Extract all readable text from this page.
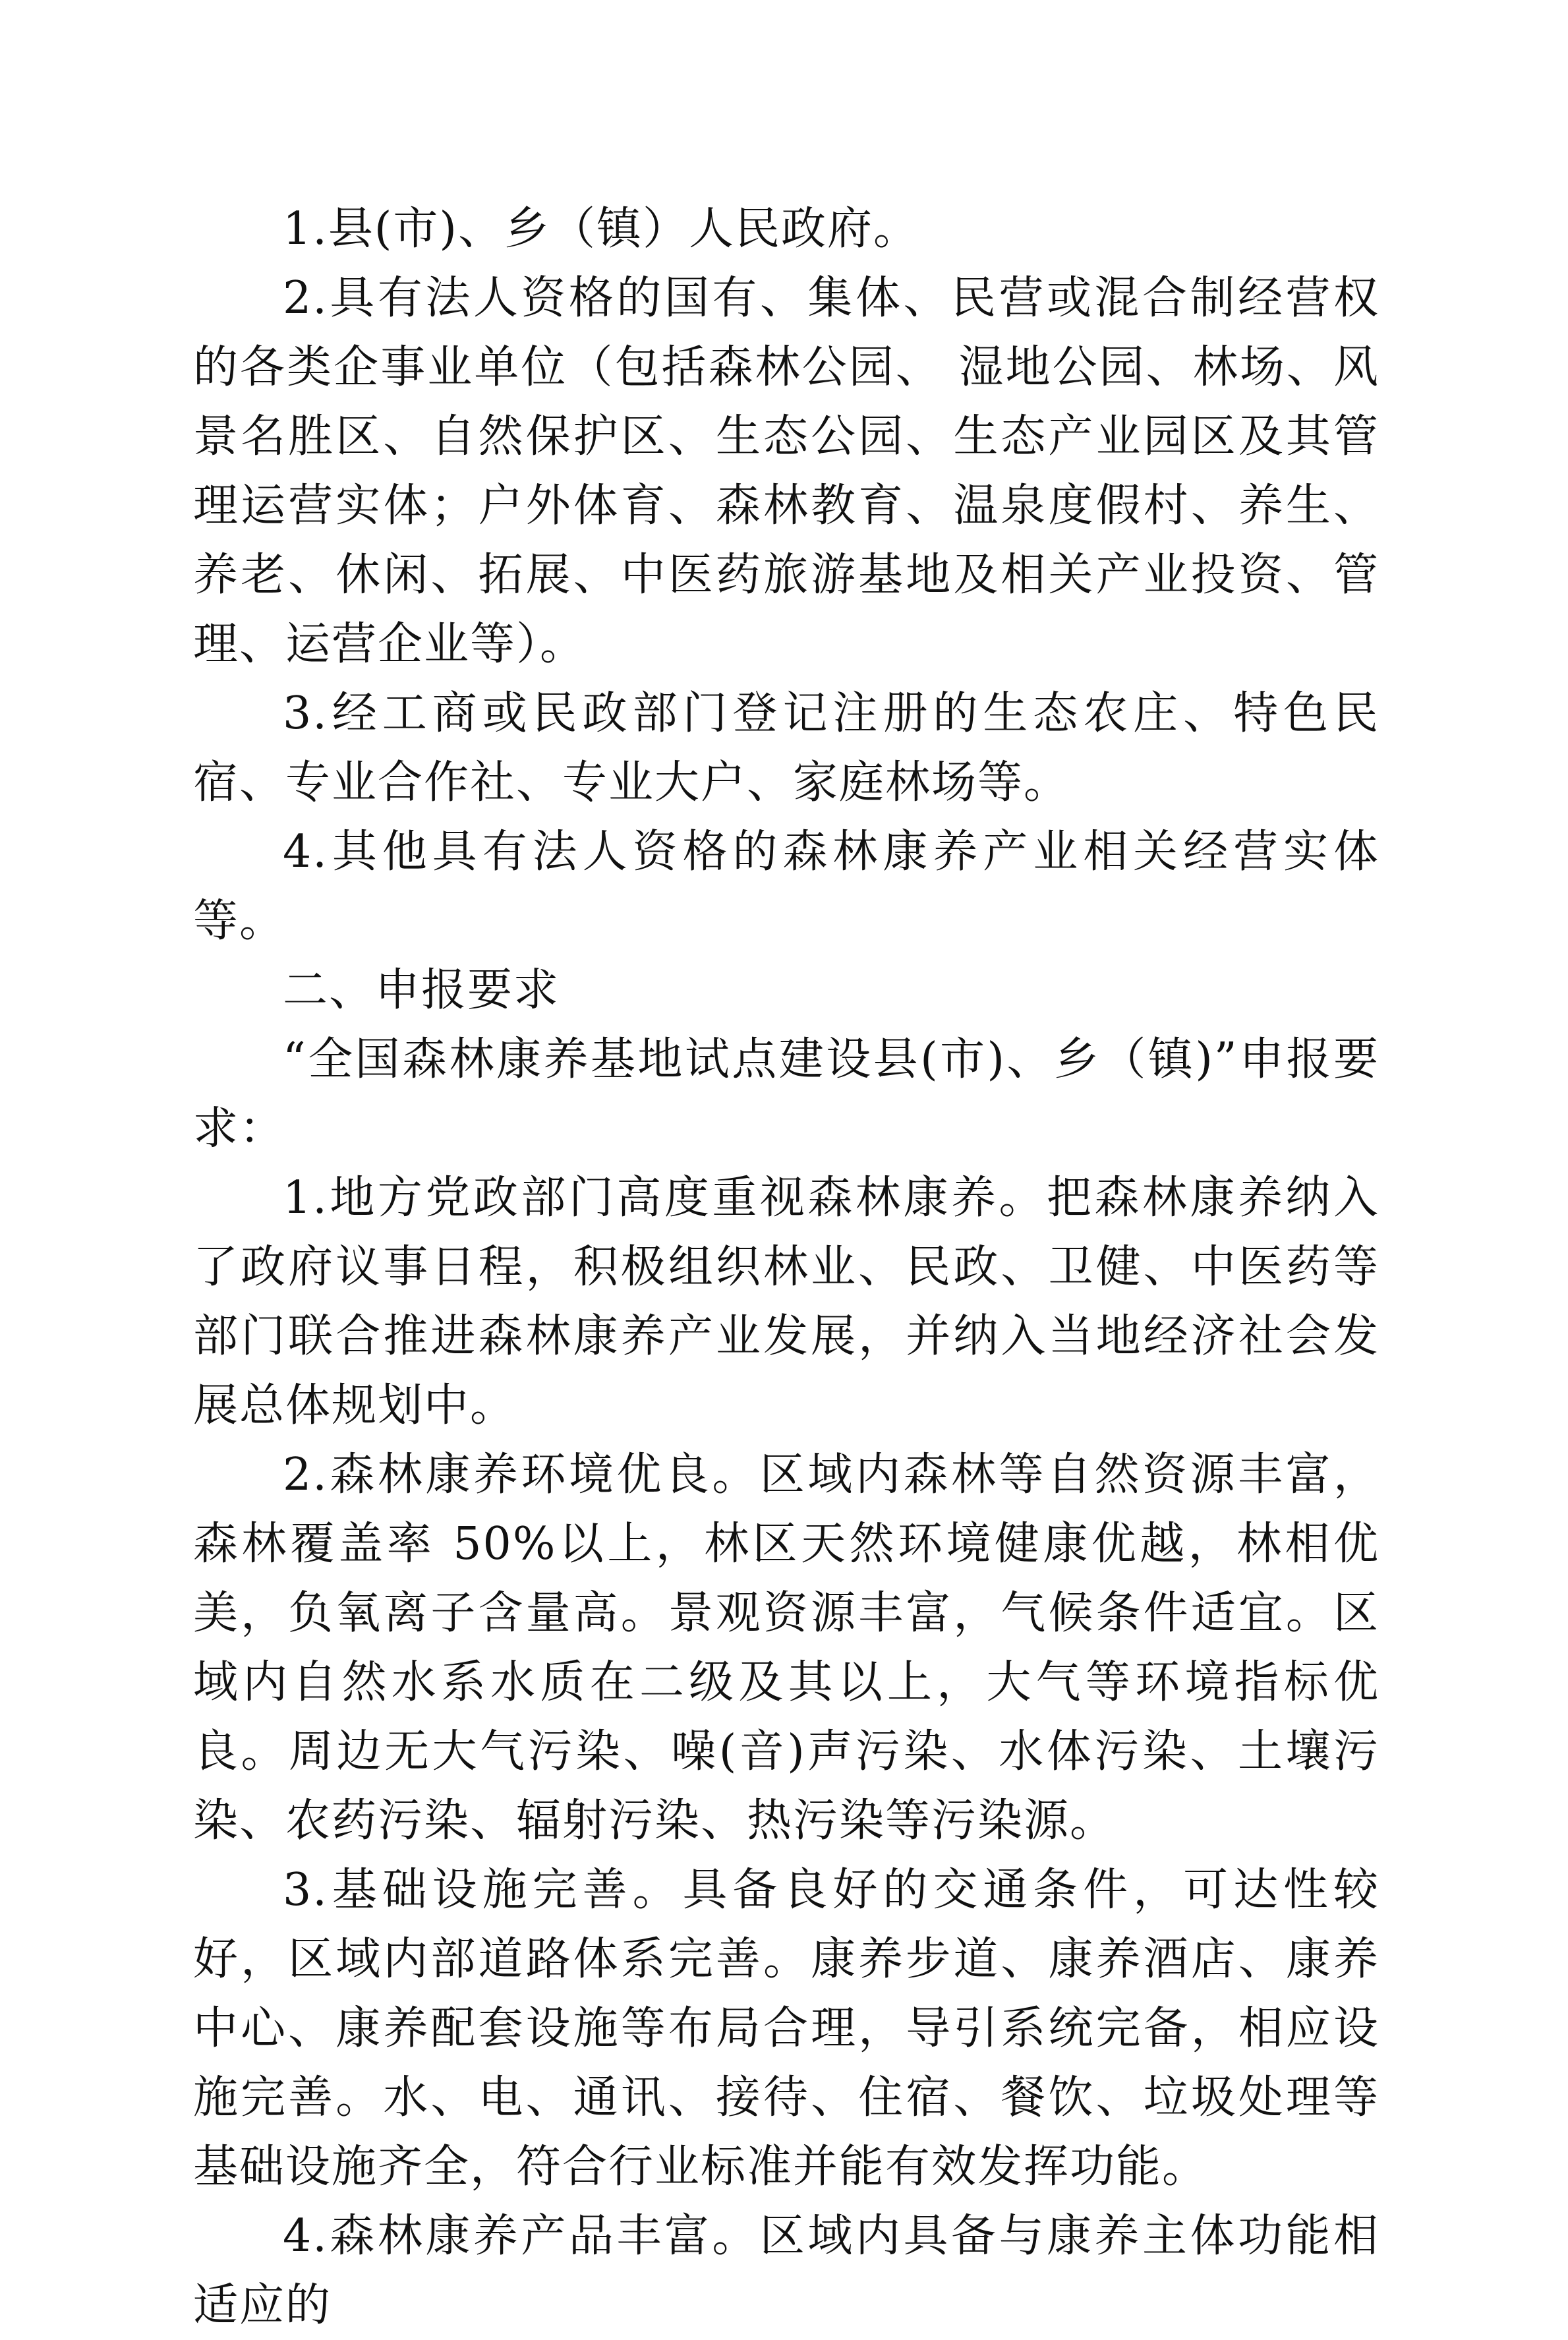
1.县(市)、乡（镇）人民政府。

2.具有法人资格的国有、集体、民营或混合制经营权的各类企事业单位（包括森林公园、 湿地公园、林场、风景名胜区、自然保护区、生态公园、生态产业园区及其管理运营实体；户外体育、森林教育、温泉度假村、养生、养老、休闲、拓展、中医药旅游基地及相关产业投资、管理、运营企业等）。

3.经工商或民政部门登记注册的生态农庄、特色民宿、专业合作社、专业大户、家庭林场等。

4.其他具有法人资格的森林康养产业相关经营实体等。

二、申报要求

“全国森林康养基地试点建设县(市)、乡（镇)”申报要求：

1.地方党政部门高度重视森林康养。把森林康养纳入了政府议事日程，积极组织林业、民政、卫健、中医药等部门联合推进森林康养产业发展，并纳入当地经济社会发展总体规划中。

2.森林康养环境优良。区域内森林等自然资源丰富，森林覆盖率 50%以上，林区天然环境健康优越，林相优美，负氧离子含量高。景观资源丰富，气候条件适宜。区域内自然水系水质在二级及其以上，大气等环境指标优良。周边无大气污染、噪(音)声污染、水体污染、土壤污染、农药污染、辐射污染、热污染等污染源。

3.基础设施完善。具备良好的交通条件，可达性较好，区域内部道路体系完善。康养步道、康养酒店、康养中心、康养配套设施等布局合理，导引系统完备，相应设施完善。水、电、通讯、接待、住宿、餐饮、垃圾处理等基础设施齐全，符合行业标准并能有效发挥功能。

4.森林康养产品丰富。区域内具备与康养主体功能相适应的
